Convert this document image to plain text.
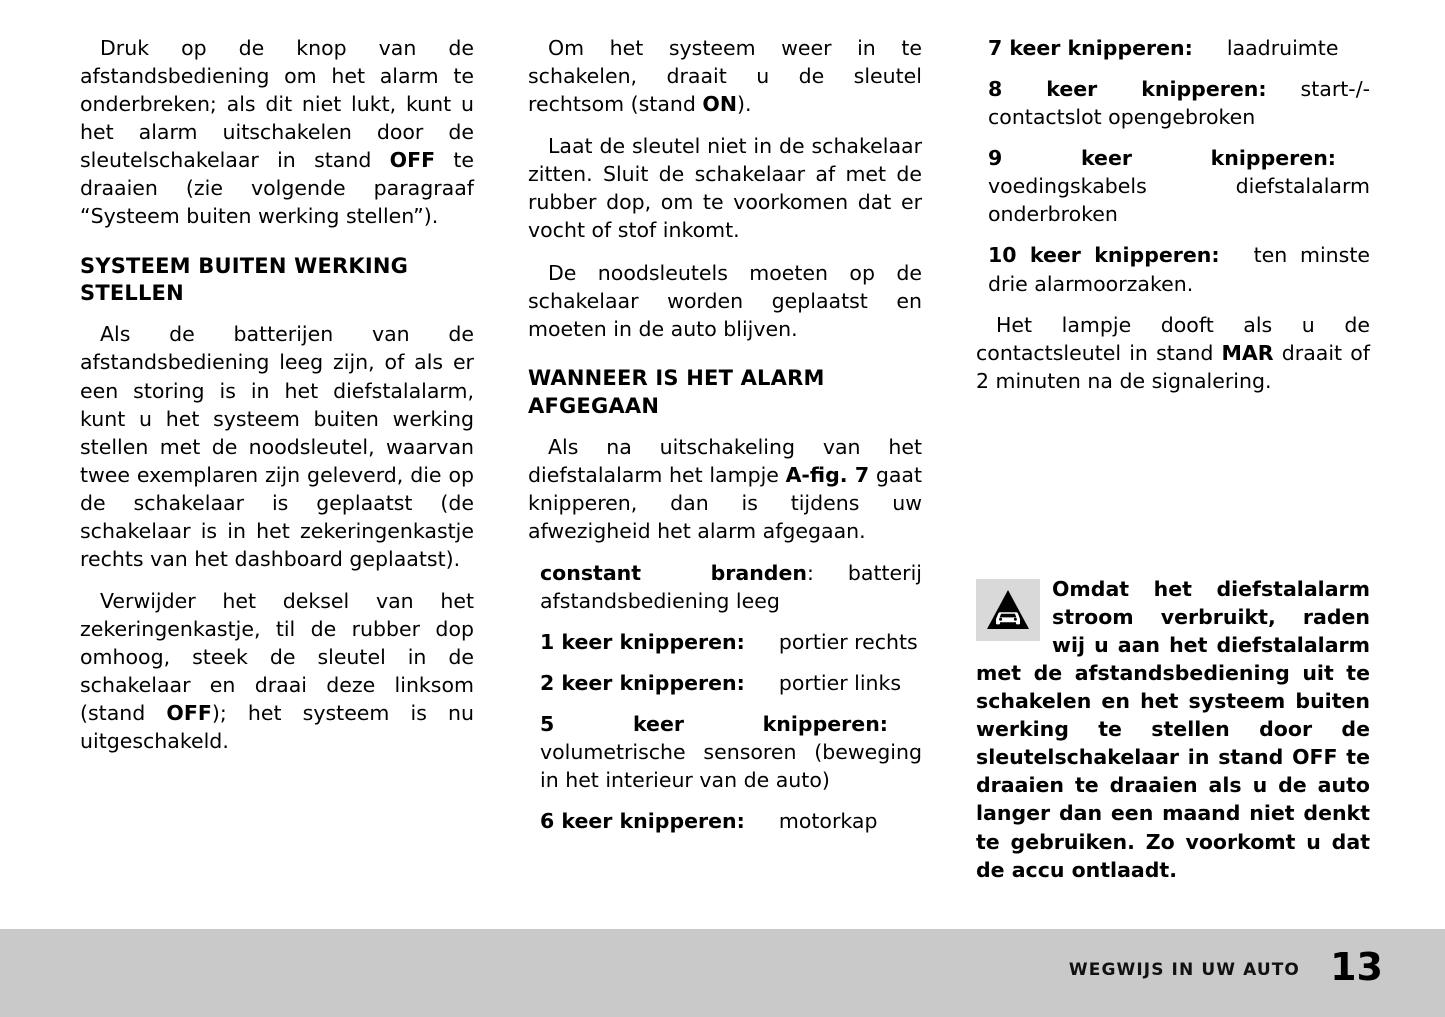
Druk op de knop van de afstandsbediening om het alarm te onderbreken; als dit niet lukt, kunt u het alarm uitschakelen door de sleutelschakelaar in stand OFF te draaien (zie volgende paragraaf “Systeem buiten werking stellen”).

SYSTEEM BUITEN WERKING STELLEN

Als de batterijen van de afstandsbediening leeg zijn, of als er een storing is in het diefstalalarm, kunt u het systeem buiten werking stellen met de noodsleutel, waarvan twee exemplaren zijn geleverd, die op de schakelaar is geplaatst (de schakelaar is in het zekeringenkastje rechts van het dashboard geplaatst).

Verwijder het deksel van het zekeringenkastje, til de rubber dop omhoog, steek de sleutel in de schakelaar en draai deze linksom (stand OFF); het systeem is nu uitgeschakeld.

Om het systeem weer in te schakelen, draait u de sleutel rechtsom (stand ON).

Laat de sleutel niet in de schakelaar zitten. Sluit de schakelaar af met de rubber dop, om te voorkomen dat er vocht of stof inkomt.

De noodsleutels moeten op de schakelaar worden geplaatst en moeten in de auto blijven.

WANNEER IS HET ALARM AFGEGAAN

Als na uitschakeling van het diefstalalarm het lampje A-fig. 7 gaat knipperen, dan is tijdens uw afwezigheid het alarm afgegaan.

constant branden: batterij afstandsbediening leeg
1 keer knipperen: portier rechts
2 keer knipperen: portier links
5 keer knipperen:volumetrische sensoren (beweging in het interieur van de auto)
6 keer knipperen: motorkap
7 keer knipperen: laadruimte
8 keer knipperen: start-/-contactslot opengebroken
9 keer knipperen:voedingskabels diefstalalarm onderbroken
10 keer knipperen: ten minste drie alarmoorzaken.

Het lampje dooft als u de contactsleutel in stand MAR draait of 2 minuten na de signalering.

Omdat het diefstalalarm stroom verbruikt, raden wij u aan het diefstalalarm met de afstandsbediening uit te schakelen en het systeem buiten werking te stellen door de sleutelschakelaar in stand OFF te draaien te draaien als u de auto langer dan een maand niet denkt te gebruiken. Zo voorkomt u dat de accu ontlaadt.
WEGWIJS IN UW AUTO 13
